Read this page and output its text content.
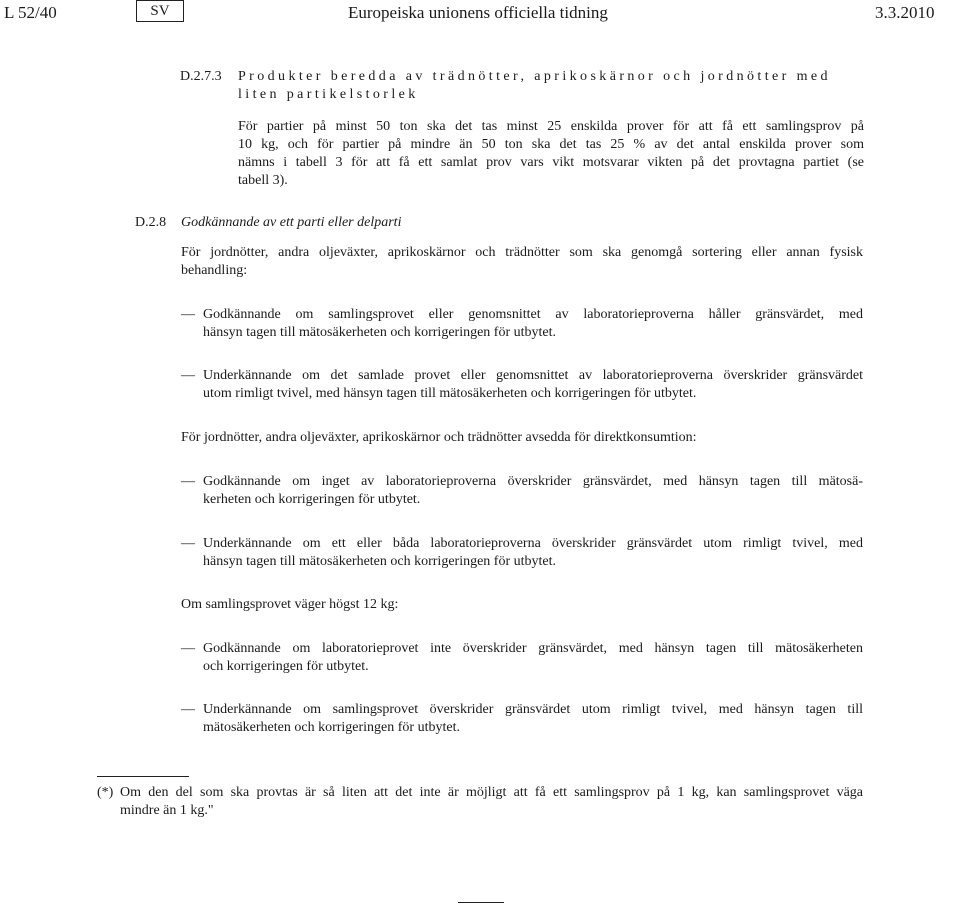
L 52/40	SV	Europeiska unionens officiella tidning	3.3.2010
D.2.7.3 Produkter beredda av trädnötter, aprikoskärnor och jordnötter med
liten partikelstorlek
För partier på minst 50 ton ska det tas minst 25 enskilda prover för att få ett samlingsprov på
10 kg, och för partier på mindre än 50 ton ska det tas 25 % av det antal enskilda prover som
nämns i tabell 3 för att få ett samlat prov vars vikt motsvarar vikten på det provtagna partiet (se
tabell 3).
D.2.8 Godkännande av ett parti eller delparti
För jordnötter, andra oljeväxter, aprikoskärnor och trädnötter som ska genomgå sortering eller annan fysisk
behandling:
— Godkännande om samlingsprovet eller genomsnittet av laboratorieproverna håller gränsvärdet, med
hänsyn tagen till mätosäkerheten och korrigeringen för utbytet.
— Underkännande om det samlade provet eller genomsnittet av laboratorieproverna överskrider gränsvärdet
utom rimligt tvivel, med hänsyn tagen till mätosäkerheten och korrigeringen för utbytet.
För jordnötter, andra oljeväxter, aprikoskärnor och trädnötter avsedda för direktkonsumtion:
— Godkännande om inget av laboratorieproverna överskrider gränsvärdet, med hänsyn tagen till mätosä-
kerheten och korrigeringen för utbytet.
— Underkännande om ett eller båda laboratorieproverna överskrider gränsvärdet utom rimligt tvivel, med
hänsyn tagen till mätosäkerheten och korrigeringen för utbytet.
Om samlingsprovet väger högst 12 kg:
— Godkännande om laboratorieprovet inte överskrider gränsvärdet, med hänsyn tagen till mätosäkerheten
och korrigeringen för utbytet.
— Underkännande om samlingsprovet överskrider gränsvärdet utom rimligt tvivel, med hänsyn tagen till
mätosäkerheten och korrigeringen för utbytet.
(*) Om den del som ska provtas är så liten att det inte är möjligt att få ett samlingsprov på 1 kg, kan samlingsprovet väga
mindre än 1 kg."
